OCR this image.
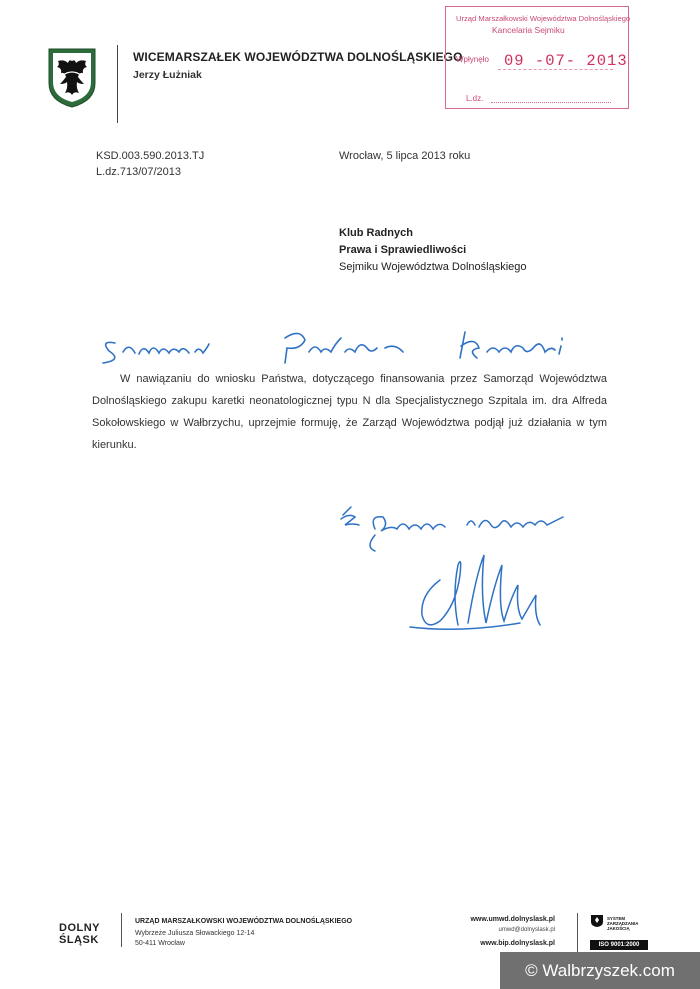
WICEMARSZAŁEK WOJEWÓDZTWA DOLNOŚLĄSKIEGO
Jerzy Łużniak
Urząd Marszałkowski Województwa Dolnośląskiego
Kancelaria Sejmiku
Wpłynęło 09 -07- 2013
L.dz.
KSD.003.590.2013.TJ
L.dz.713/07/2013
Wrocław, 5 lipca 2013 roku
Klub Radnych
Prawa i Sprawiedliwości
Sejmiku Województwa Dolnośląskiego
W nawiązaniu do wniosku Państwa, dotyczącego finansowania przez Samorząd Województwa Dolnośląskiego zakupu karetki neonatologicznej typu N dla Specjalistycznego Szpitala im. dra Alfreda Sokołowskiego w Wałbrzychu, uprzejmie formuję, że Zarząd Województwa podjął już działania w tym kierunku.
DOLNY
ŚLĄSK
URZĄD MARSZAŁKOWSKI WOJEWÓDZTWA DOLNOŚLĄSKIEGO
Wybrzeże Juliusza Słowackiego 12-14
50-411 Wrocław
www.umwd.dolnyslask.pl
umwd@dolnyslask.pl
www.bip.dolnyslask.pl
SYSTEM
ZARZĄDZANIA
JAKOŚCIĄ
ISO 9001:2000
© Walbrzyszek.com
